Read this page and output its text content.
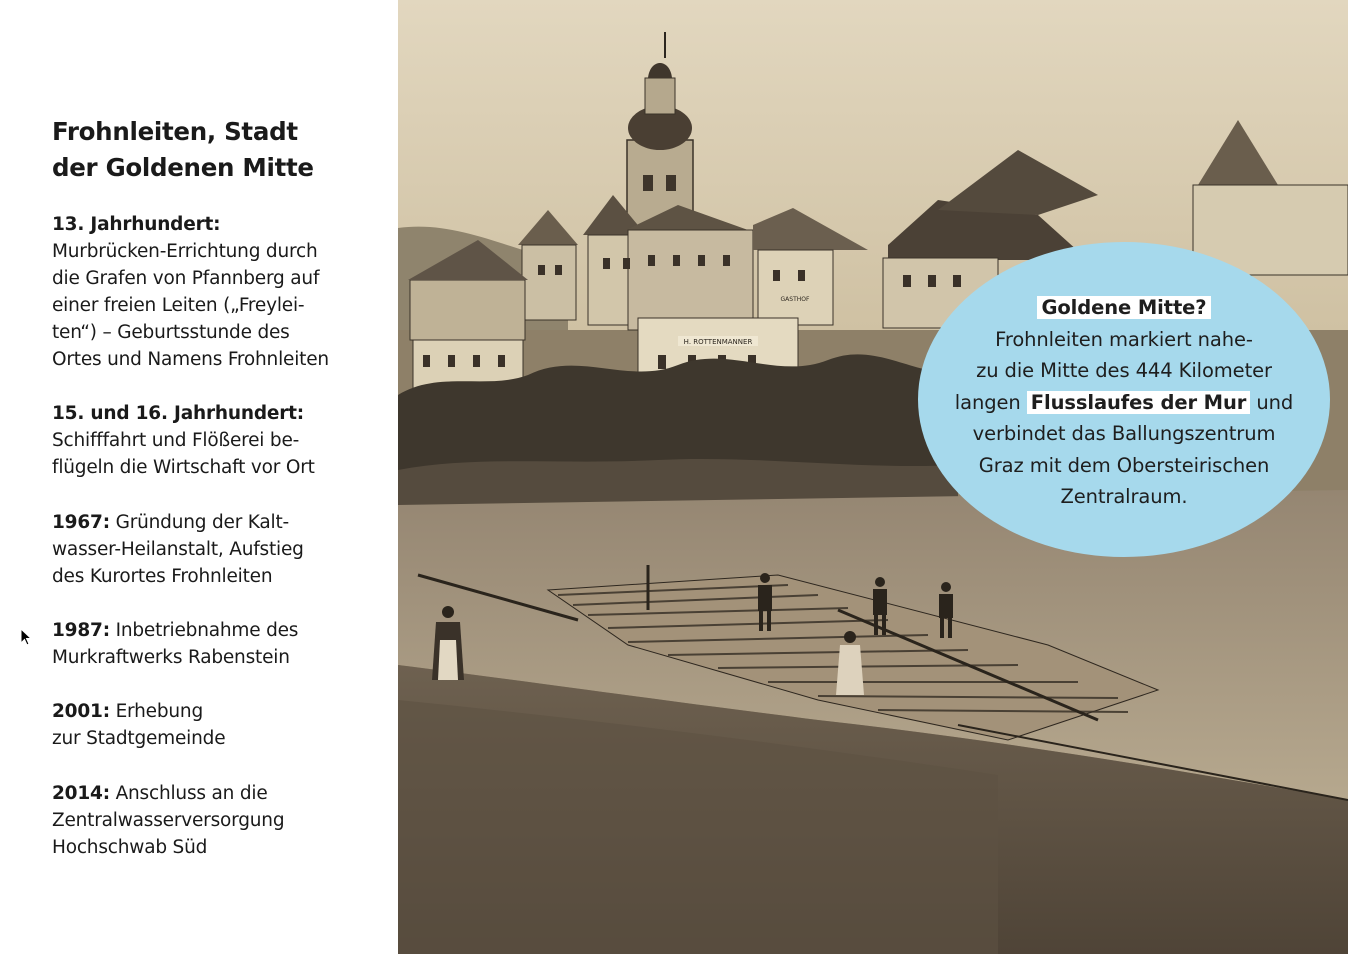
Frohnleiten, Stadt
der Goldenen Mitte

13. Jahrhundert:
Murbrücken-Errichtung durch
die Grafen von Pfannberg auf
einer freien Leiten („Freylei-
ten“) – Geburtsstunde des
Ortes und Namens Frohnleiten

15. und 16. Jahrhundert:
Schifffahrt und Flößerei be-
flügeln die Wirtschaft vor Ort

1967: Gründung der Kalt-
wasser-Heilanstalt, Aufstieg
des Kurortes Frohnleiten

1987: Inbetriebnahme des
Murkraftwerks Rabenstein

2001: Erhebung
zur Stadtgemeinde

2014: Anschluss an die
Zentralwasserversorgung
Hochschwab Süd

H. ROTTENMANNER
GASTHOF	Goldene Mitte?
Frohnleiten markiert nahe-
zu die Mitte des 444 Kilometer
langen Flusslaufes der Mur und
verbindet das Ballungszentrum
Graz mit dem Obersteirischen
Zentralraum.
